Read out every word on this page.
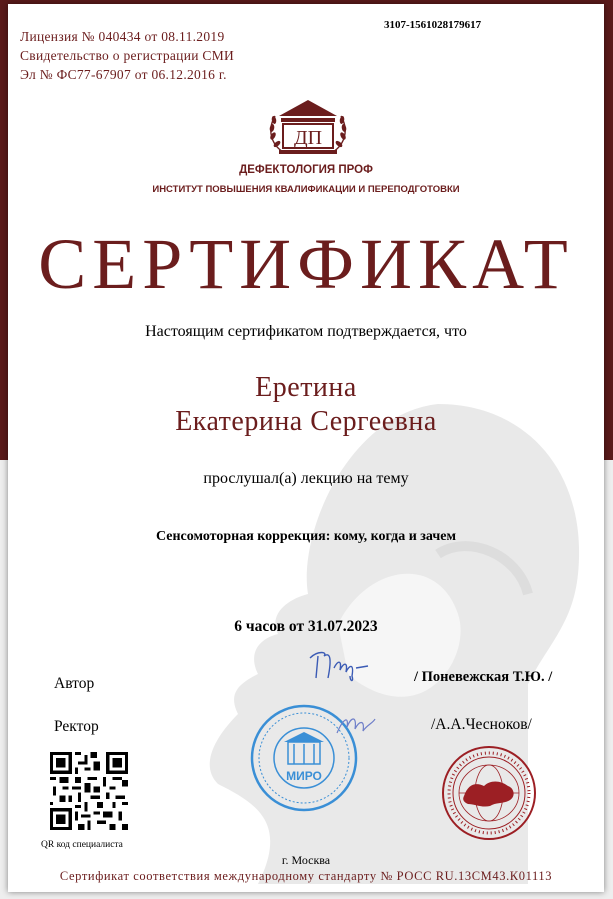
Лицензия № 040434 от 08.11.2019
Свидетельство о регистрации СМИ
Эл № ФС77-67907 от 06.12.2016 г.
3107-1561028179617
ДП
ДЕФЕКТОЛОГИЯ ПРОФ
ИНСТИТУТ ПОВЫШЕНИЯ КВАЛИФИКАЦИИ И ПЕРЕПОДГОТОВКИ
СЕРТИФИКАТ
Настоящим сертификатом подтверждается, что
Еретина
Екатерина Сергеевна
прослушал(а) лекцию на тему
Сенсомоторная коррекция: кому, когда и зачем
6 часов от 31.07.2023
Автор	/ Поневежская Т.Ю. /
Ректор	/А.А.Чесноков/
МИРО
QR код специалиста
г. Москва
Сертификат соответствия международному стандарту № РОСС RU.13СМ43.К01113
